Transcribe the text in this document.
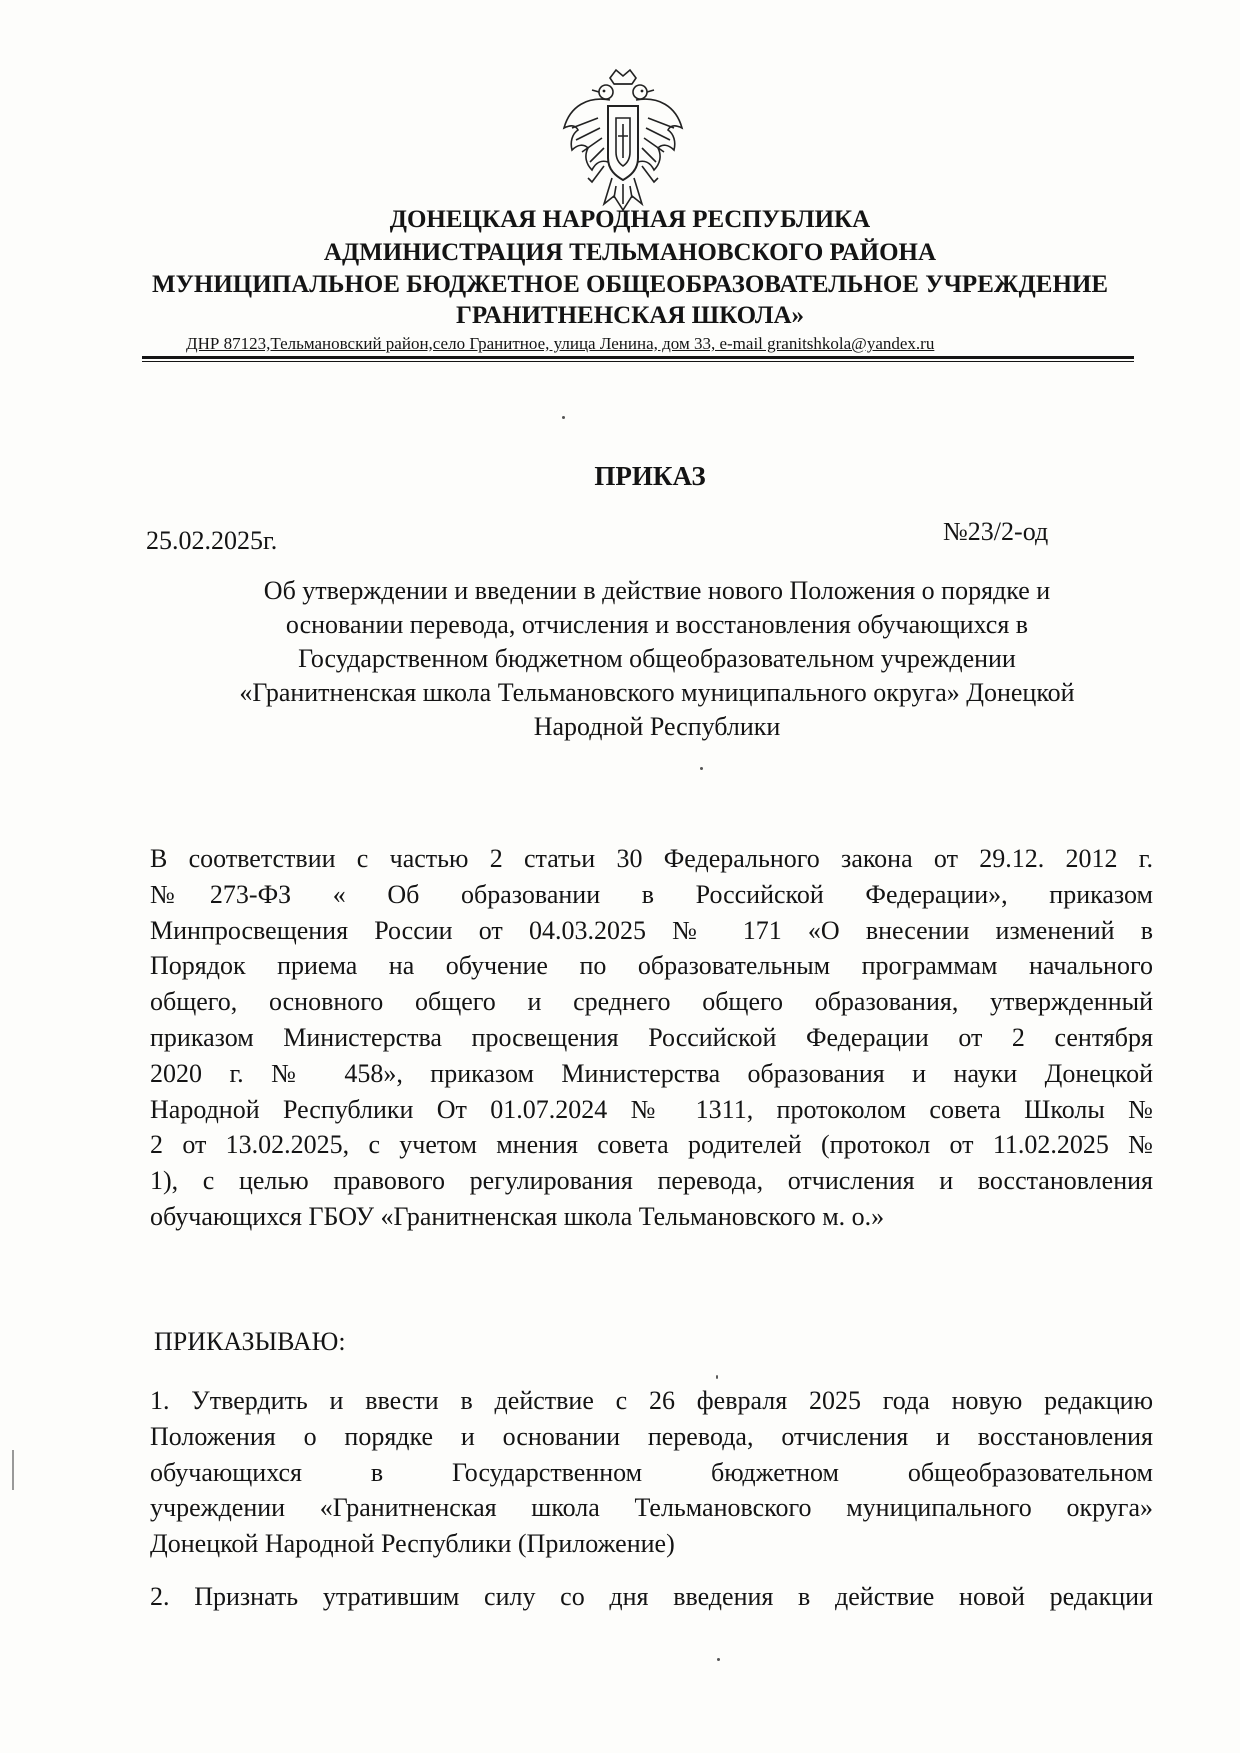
ДОНЕЦКАЯ НАРОДНАЯ РЕСПУБЛИКА
АДМИНИСТРАЦИЯ ТЕЛЬМАНОВСКОГО РАЙОНА
МУНИЦИПАЛЬНОЕ БЮДЖЕТНОЕ ОБЩЕОБРАЗОВАТЕЛЬНОЕ УЧРЕЖДЕНИЕ
ГРАНИТНЕНСКАЯ ШКОЛА»
ДНР 87123,Тельмановский район,село Гранитное, улица Ленина, дом 33, e-mail granitshkola@yandex.ru
ПРИКАЗ
25.02.2025г.	№23/2-од
Об утверждении и введении в действие нового Положения о порядке и
основании перевода, отчисления и восстановления обучающихся в
Государственном бюджетном общеобразовательном учреждении
«Гранитненская школа Тельмановского муниципального округа» Донецкой
Народной Республики
В соответствии с частью 2 статьи 30 Федерального закона от 29.12. 2012 г.
№273-ФЗ « Об образовании в Российской Федерации», приказом
Минпросвещения России от 04.03.2025 № 171 «О внесении изменений в
Порядок приема на обучение по образовательным программам начального
общего, основного общего и среднего общего образования, утвержденный
приказом Министерства просвещения Российской Федерации от 2 сентября
2020 г. № 458», приказом Министерства образования и науки Донецкой
Народной Республики От 01.07.2024 № 1311, протоколом совета Школы №
2 от 13.02.2025, с учетом мнения совета родителей (протокол от 11.02.2025 №
1), с целью правового регулирования перевода, отчисления и восстановления
обучающихся ГБОУ «Гранитненская школа Тельмановского м. о.»
ПРИКАЗЫВАЮ:
1. Утвердить и ввести в действие с 26 февраля 2025 года новую редакцию
Положения о порядке и основании перевода, отчисления и восстановления
обучающихся в Государственном бюджетном общеобразовательном
учреждении «Гранитненская школа Тельмановского муниципального округа»
Донецкой Народной Республики (Приложение)
2. Признать утратившим силу со дня введения в действие новой редакции
